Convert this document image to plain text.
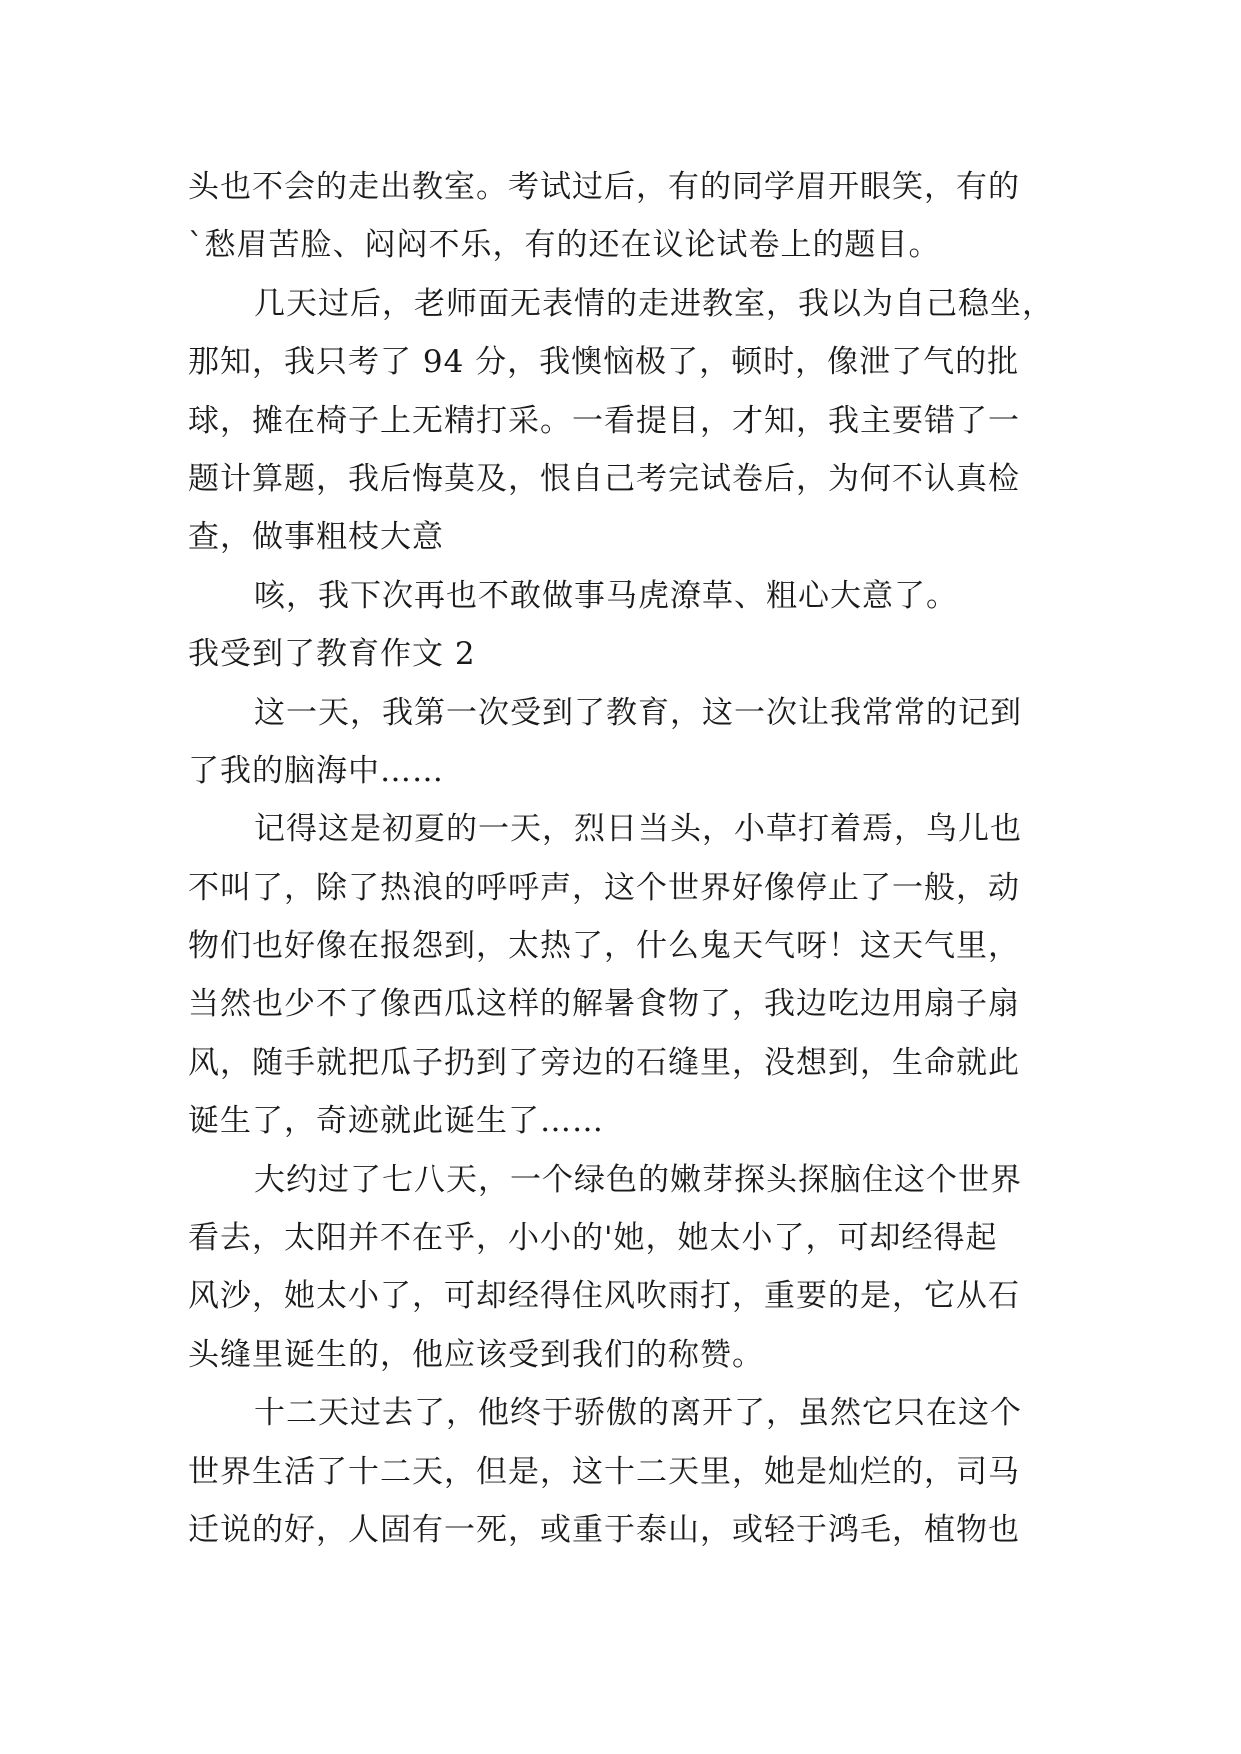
头也不会的走出教室。考试过后，有的同学眉开眼笑，有的
`愁眉苦脸、闷闷不乐，有的还在议论试卷上的题目。
几天过后，老师面无表情的走进教室，我以为自己稳坐，
那知，我只考了 94 分，我懊恼极了，顿时，像泄了气的批
球，摊在椅子上无精打采。一看提目，才知，我主要错了一
题计算题，我后悔莫及，恨自己考完试卷后，为何不认真检
查，做事粗枝大意
咳，我下次再也不敢做事马虎潦草、粗心大意了。
我受到了教育作文 2
这一天，我第一次受到了教育，这一次让我常常的记到
了我的脑海中……
记得这是初夏的一天，烈日当头，小草打着焉，鸟儿也
不叫了，除了热浪的呼呼声，这个世界好像停止了一般，动
物们也好像在报怨到，太热了，什么鬼天气呀！这天气里，
当然也少不了像西瓜这样的解暑食物了，我边吃边用扇子扇
风，随手就把瓜子扔到了旁边的石缝里，没想到，生命就此
诞生了，奇迹就此诞生了……
大约过了七八天，一个绿色的嫩芽探头探脑住这个世界
看去，太阳并不在乎，小小的'她，她太小了，可却经得起
风沙，她太小了，可却经得住风吹雨打，重要的是，它从石
头缝里诞生的，他应该受到我们的称赞。
十二天过去了，他终于骄傲的离开了，虽然它只在这个
世界生活了十二天，但是，这十二天里，她是灿烂的，司马
迁说的好，人固有一死，或重于泰山，或轻于鸿毛，植物也
